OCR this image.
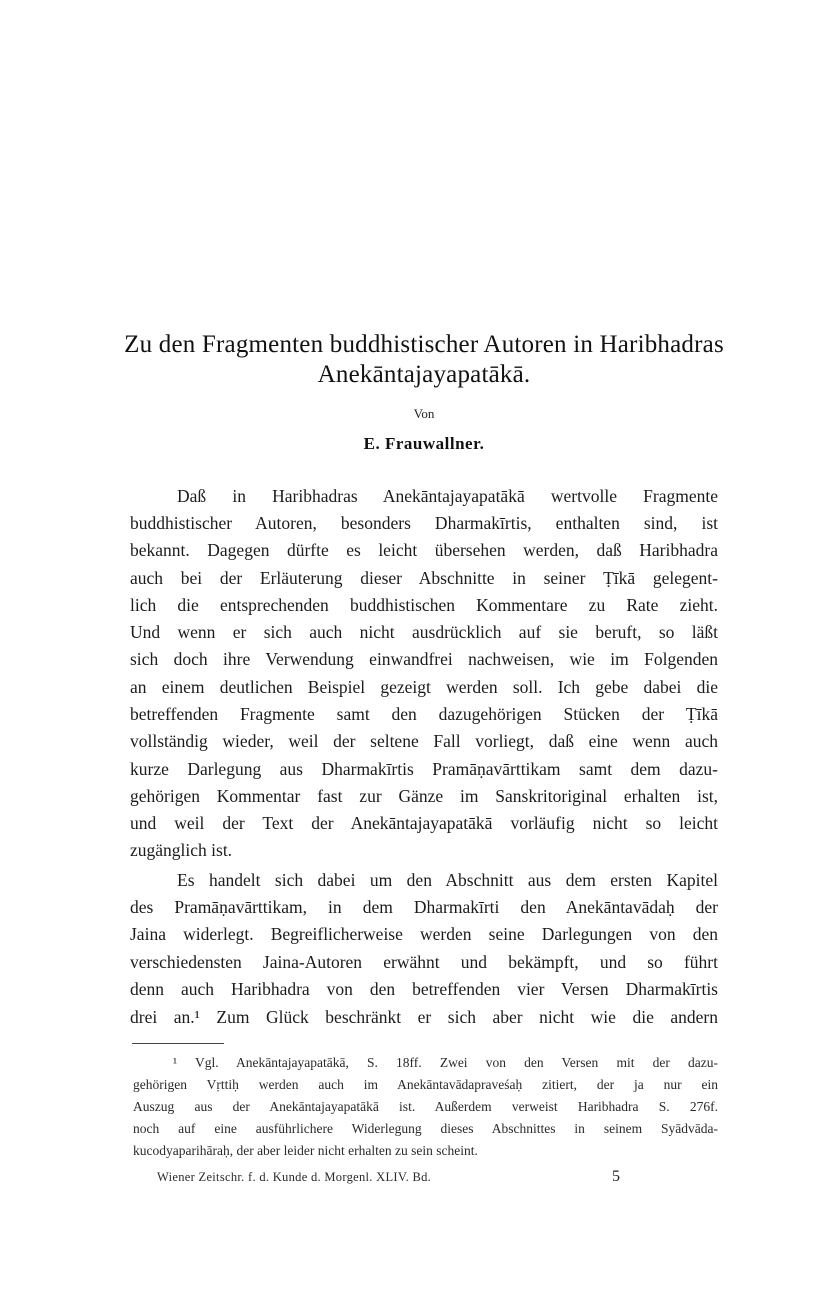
Zu den Fragmenten buddhistischer Autoren in Haribhadras
Anekāntajayapatākā.
Von
E. Frauwallner.
Daß in Haribhadras Anekāntajayapatākā wertvolle Fragmente
buddhistischer Autoren, besonders Dharmakīrtis, enthalten sind, ist
bekannt. Dagegen dürfte es leicht übersehen werden, daß Haribhadra
auch bei der Erläuterung dieser Abschnitte in seiner Ṭīkā gelegent-
lich die entsprechenden buddhistischen Kommentare zu Rate zieht.
Und wenn er sich auch nicht ausdrücklich auf sie beruft, so läßt
sich doch ihre Verwendung einwandfrei nachweisen, wie im Folgenden
an einem deutlichen Beispiel gezeigt werden soll. Ich gebe dabei die
betreffenden Fragmente samt den dazugehörigen Stücken der Ṭīkā
vollständig wieder, weil der seltene Fall vorliegt, daß eine wenn auch
kurze Darlegung aus Dharmakīrtis Pramāṇavārttikam samt dem dazu-
gehörigen Kommentar fast zur Gänze im Sanskritoriginal erhalten ist,
und weil der Text der Anekāntajayapatākā vorläufig nicht so leicht
zugänglich ist.
Es handelt sich dabei um den Abschnitt aus dem ersten Kapitel
des Pramāṇavārttikam, in dem Dharmakīrti den Anekāntavādaḥ der
Jaina widerlegt. Begreiflicherweise werden seine Darlegungen von den
verschiedensten Jaina-Autoren erwähnt und bekämpft, und so führt
denn auch Haribhadra von den betreffenden vier Versen Dharmakīrtis
drei an.¹ Zum Glück beschränkt er sich aber nicht wie die andern
¹ Vgl. Anekāntajayapatākā, S. 18ff. Zwei von den Versen mit der dazu-
gehörigen Vṛttiḥ werden auch im Anekāntavādapraveśaḥ zitiert, der ja nur ein
Auszug aus der Anekāntajayapatākā ist. Außerdem verweist Haribhadra S. 276f.
noch auf eine ausführlichere Widerlegung dieses Abschnittes in seinem Syādvāda-
kucodyaparihāraḥ, der aber leider nicht erhalten zu sein scheint.
Wiener Zeitschr. f. d. Kunde d. Morgenl. XLIV. Bd.	5
